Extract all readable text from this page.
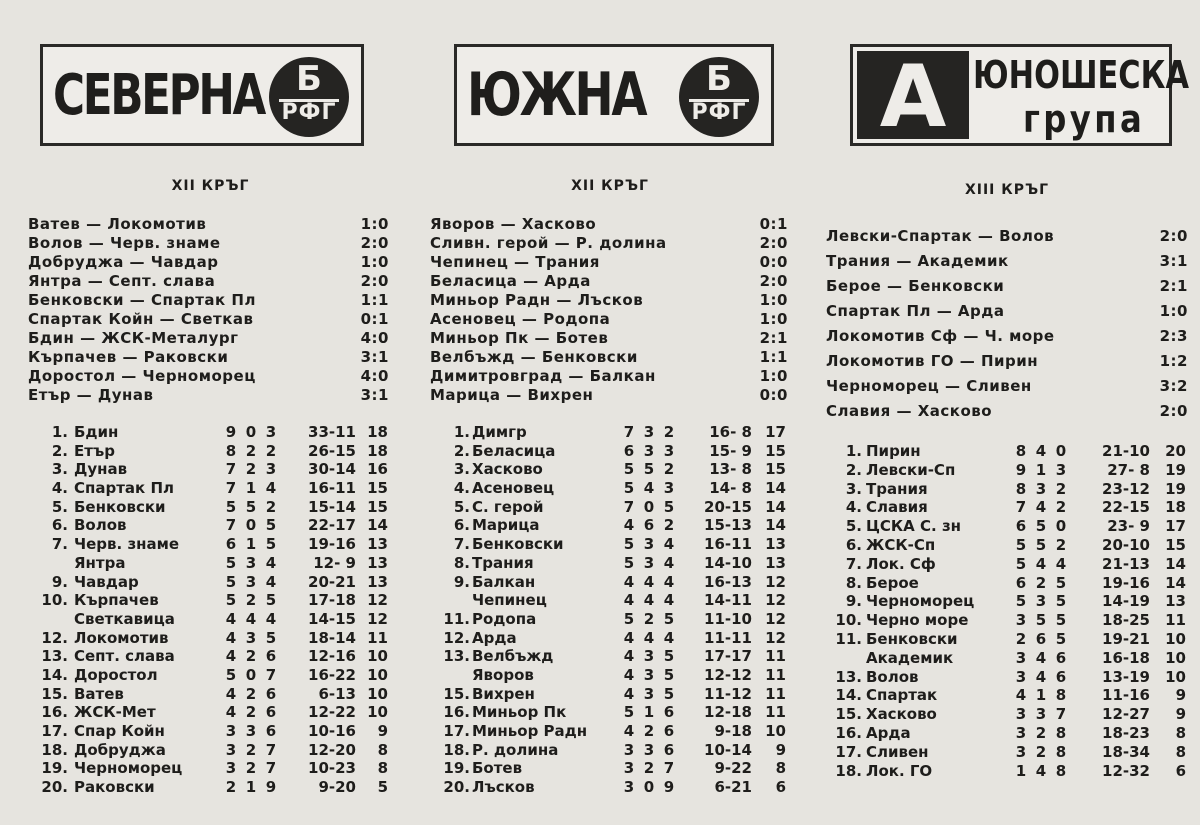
СЕВЕРНА Б
РФГ
XII КРЪГ
Ватев — Локомотив	1:0
Волов — Черв. знаме	2:0
Добруджа — Чавдар	1:0
Янтра — Септ. слава	2:0
Бенковски — Спартак Пл	1:1
Спартак Койн — Светкав	0:1
Бдин — ЖСК-Металург	4:0
Кърпачев — Раковски	3:1
Доростол — Черноморец	4:0
Етър — Дунав	3:1
1. Бдин	9 0 3	33-11 18
2. Етър	8 2 2	26-15 18
3. Дунав	7 2 3	30-14 16
4. Спартак Пл	7 1 4	16-11 15
5. Бенковски	5 5 2	15-14 15
6. Волов	7 0 5	22-17 14
7. Черв. знаме	6 1 5	19-16 13
Янтра	5 3 4	12- 9 13
9. Чавдар	5 3 4	20-21 13
10. Кърпачев	5 2 5	17-18 12
Светкавица	4 4 4	14-15 12
12. Локомотив	4 3 5	18-14 11
13. Септ. слава	4 2 6	12-16 10
14. Доростол	5 0 7	16-22 10
15. Ватев	4 2 6	6-13 10
16. ЖСК-Мет	4 2 6	12-22 10
17. Спар Койн	3 3 6	10-16	9
18. Добруджа	3 2 7	12-20	8
19. Черноморец	3 2 7	10-23	8
20. Раковски	2 1 9	9-20	5
ЮЖНА	Б
РФГ
XII КРЪГ
Яворов — Хасково	0:1
Сливн. герой — Р. долина	2:0
Чепинец — Трания	0:0
Беласица — Арда	2:0
Миньор Радн — Лъсков	1:0
Асеновец — Родопа	1:0
Миньор Пк — Ботев	2:1
Велбъжд — Бенковски	1:1
Димитровград — Балкан	1:0
Марица — Вихрен	0:0
1. Димгр	7 3 2	16- 8 17
2. Беласица	6 3 3	15- 9 15
3. Хасково	5 5 2	13- 8 15
4. Асеновец	5 4 3	14- 8 14
5. С. герой	7 0 5	20-15 14
6. Марица	4 6 2	15-13 14
7. Бенковски	5 3 4	16-11 13
8. Трания	5 3 4	14-10 13
9. Балкан	4 4 4	16-13 12
Чепинец	4 4 4	14-11 12
11. Родопа	5 2 5	11-10 12
12. Арда	4 4 4	11-11 12
13. Велбъжд	4 3 5	17-17 11
Яворов	4 3 5	12-12 11
15. Вихрен	4 3 5	11-12 11
16. Миньор Пк	5 1 6	12-18 11
17. Миньор Радн 4 2 6	9-18 10
18. Р. долина	3 3 6	10-14	9
19. Ботев	3 2 7	9-22	8
20. Лъсков	3 0 9	6-21	6
А ЮНОШЕСКА
група
XIII КРЪГ
Левски-Спартак — Волов	2:0
Трания — Академик	3:1
Берое — Бенковски	2:1
Спартак Пл — Арда	1:0
Локомотив Сф — Ч. море	2:3
Локомотив ГО — Пирин	1:2
Черноморец — Сливен	3:2
Славия — Хасково	2:0
1. Пирин	8 4 0	21-10	20
2. Левски-Сп	9 1 3	27- 8	19
3. Трания	8 3 2	23-12	19
4. Славия	7 4 2	22-15	18
5. ЦСКА С. зн	6 5 0	23- 9	17
6. ЖСК-Сп	5 5 2	20-10	15
7. Лок. Сф	5 4 4	21-13	14
8. Берое	6 2 5	19-16	14
9. Черноморец	5 3 5	14-19	13
10. Черно море	3 5 5	18-25	11
11. Бенковски	2 6 5	19-21	10
Академик	3 4 6	16-18	10
13. Волов	3 4 6	13-19	10
14. Спартак	4 1 8	11-16	9
15. Хасково	3 3 7	12-27	9
16. Арда	3 2 8	18-23	8
17. Сливен	3 2 8	18-34	8
18. Лок. ГО	1 4 8	12-32	6
